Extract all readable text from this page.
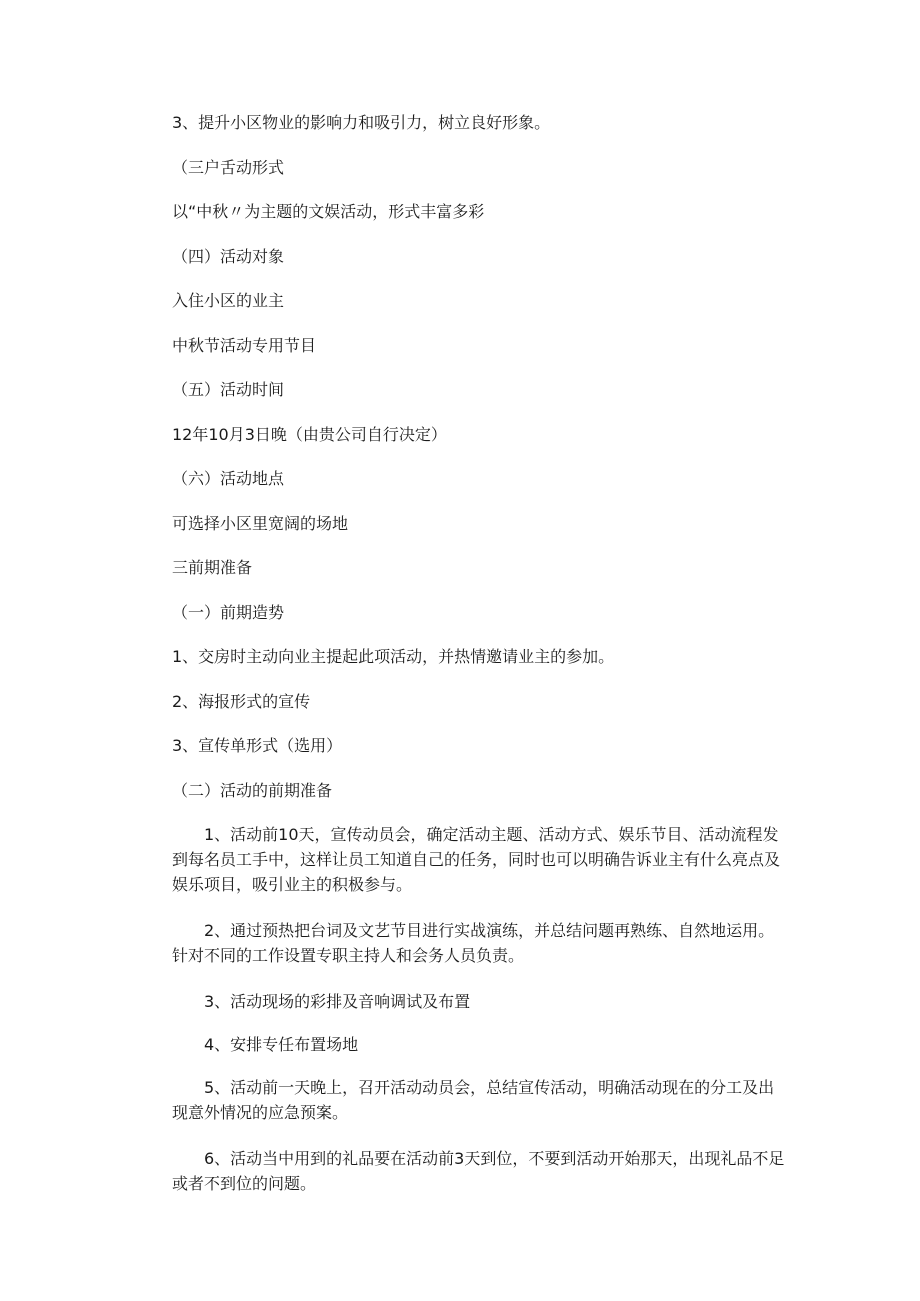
3、提升小区物业的影响力和吸引力，树立良好形象。

（三户舌动形式

以“中秋〃为主题的文娱活动，形式丰富多彩

（四）活动对象

入住小区的业主

中秋节活动专用节目

（五）活动时间

12年10月3日晚（由贵公司自行决定）

（六）活动地点

可选择小区里宽阔的场地

三前期准备

（一）前期造势

1、交房时主动向业主提起此项活动，并热情邀请业主的参加。

2、海报形式的宣传

3、宣传单形式（选用）

（二）活动的前期准备

1、活动前10天，宣传动员会，确定活动主题、活动方式、娱乐节目、活动流程发到每名员工手中，这样让员工知道自己的任务，同时也可以明确告诉业主有什么亮点及娱乐项目，吸引业主的积极参与。

2、通过预热把台词及文艺节目进行实战演练，并总结问题再熟练、自然地运用。针对不同的工作设置专职主持人和会务人员负责。

3、活动现场的彩排及音响调试及布置

4、安排专任布置场地

5、活动前一天晚上，召开活动动员会，总结宣传活动，明确活动现在的分工及出现意外情况的应急预案。

6、活动当中用到的礼品要在活动前3天到位，不要到活动开始那天，出现礼品不足或者不到位的问题。
